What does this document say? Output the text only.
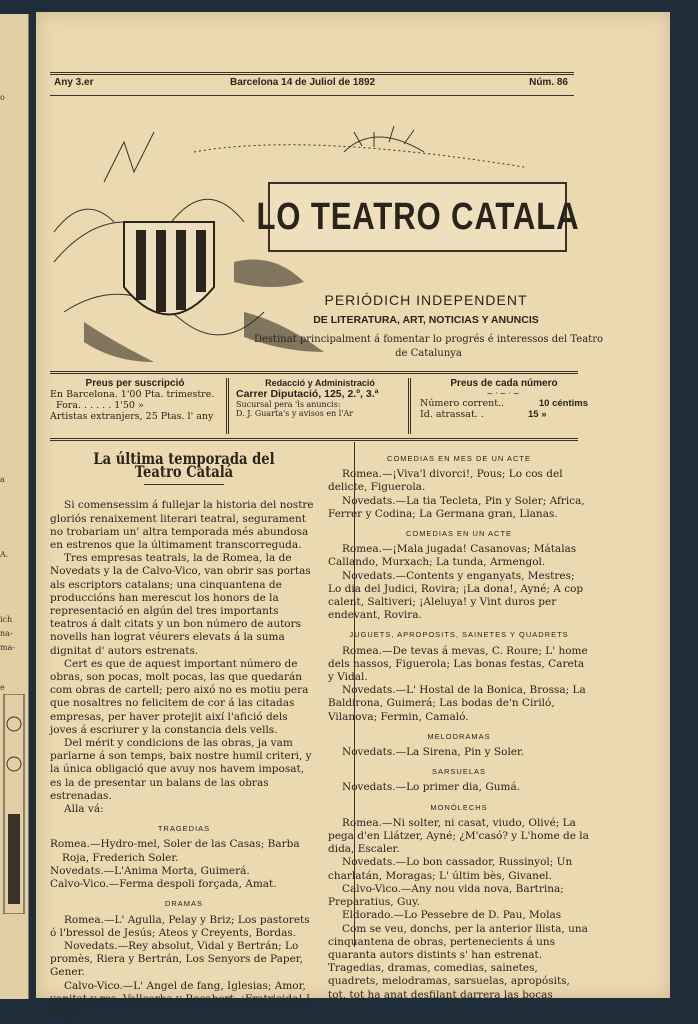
o
a
A.
ich
na-
ma-
e
Any 3.er	Barcelona 14 de Juliol de 1892	Núm. 86
LO TEATRO CATALA
PERIÓDICH INDEPENDENT
DE LITERATURA, ART, NOTICIAS Y ANUNCIS
Destinat principalment á fomentar lo progrés é interessos del Teatro
de Catalunya
Preus per suscripció
En Barcelona. 1'00 Pta. trimestre.
Fora. . . . . . 1'50 »
Artistas extranjers, 25 Ptas. l' any
Redacció y Administració
Carrer Diputació, 125, 2.º, 3.ª
Sucursal pera 'ls anuncis:
D. J. Guarta's y avisos en l'Ar
Preus de cada número
~·~·~
Número corrent..	10 céntims
Id. atrassat. .	15 »
La última temporada del Teatro Catalá

Si comensessim á fullejar la historia del nostre gloriós renaixement literari teatral, segurament no trobariam un' altra temporada més abundosa en estrenos que la últimament transcorreguda.

Tres empresas teatrals, la de Romea, la de Novedats y la de Calvo-Vico, van obrir sas portas als escriptors catalans; una cinquantena de produccións han merescut los honors de la representació en algún del tres importants teatros á dalt citats y un bon número de autors novells han lograt véurers elevats á la suma dignitat d' autors estrenats.

Cert es que de aquest important número de obras, son pocas, molt pocas, las que quedarán com obras de cartell; pero aixó no es motiu pera que nosaltres no felicitem de cor á las citadas empresas, per haver protejit així l'afició dels joves á escriurer y la constancia dels vells.

Del mérit y condicions de las obras, ja vam parlarne á son temps, baix nostre humil criteri, y la única obligació que avuy nos havem imposat, es la de presentar un balans de las obras estrenadas.

Alla vá:

TRAGEDIAS

Romea.—Hydro-mel, Soler de las Casas; Barba Roja, Frederich Soler.

Novedats.—L'Anima Morta, Guimerá.

Calvo-Vico.—Ferma despoli forçada, Amat.

DRAMAS

Romea.—L' Agulla, Pelay y Briz; Los pastorets ó l'bressol de Jesús; Ateos y Creyents, Bordas.

Novedats.—Rey absolut, Vidal y Bertrán; Lo promès, Riera y Bertrán, Los Senyors de Paper, Gener.

Calvo-Vico.—L' Angel de fang, Iglesias; Amor, vanitat y res, Vallcorba y Rocabert; ¡Fratricida! J. Roig.

COMEDIAS EN MES DE UN ACTE

Romea.—¡Viva'l divorci!, Pous; Lo cos del delicte, Figuerola.

Novedats.—La tia Tecleta, Pin y Soler; Africa, Ferrer y Codina; La Germana gran, Llanas.

COMEDIAS EN UN ACTE

Romea.—¡Mala jugada! Casanovas; Mátalas Callando, Murxach; La tunda, Armengol.

Novedats.—Contents y enganyats, Mestres; Lo dia del Judici, Rovira; ¡La dona!, Ayné; A cop calent, Saltiveri; ¡Aleluya! y Vint duros per endevant, Rovira.

JUGUETS, APROPOSITS, SAINETES Y QUADRETS

Romea.—De tevas á mevas, C. Roure; L' home dels nassos, Figuerola; Las bonas festas, Careta y Vidal.

Novedats.—L' Hostal de la Bonica, Brossa; La Baldirona, Guimerá; Las bodas de'n Ciriló, Vilanova; Fermin, Camaló.

MELODRAMAS

Novedats.—La Sirena, Pin y Soler.

SARSUELAS

Novedats.—Lo primer dia, Gumá.

MONÓLECHS

Romea.—Ni solter, ni casat, viudo, Olivé; La pega d'en Llátzer, Ayné; ¿M'casó? y L'home de la dida, Escaler.

Novedats.—Lo bon cassador, Russinyol; Un charlatán, Moragas; L' últim bès, Givanel.

Calvo-Vico.—Any nou vida nova, Bartrina; Preparatius, Guy.

Eldorado.—Lo Pessebre de D. Pau, Molas

Com se veu, donchs, per la anterior llista, una cinquantena de obras, pertenecients á uns quaranta autors distints s' han estrenat. Tragedias, dramas, comedias, sainetes, quadrets, melodramas, sarsuelas, apropósits, tot, tot ha anat desfilant darrera las bocas
